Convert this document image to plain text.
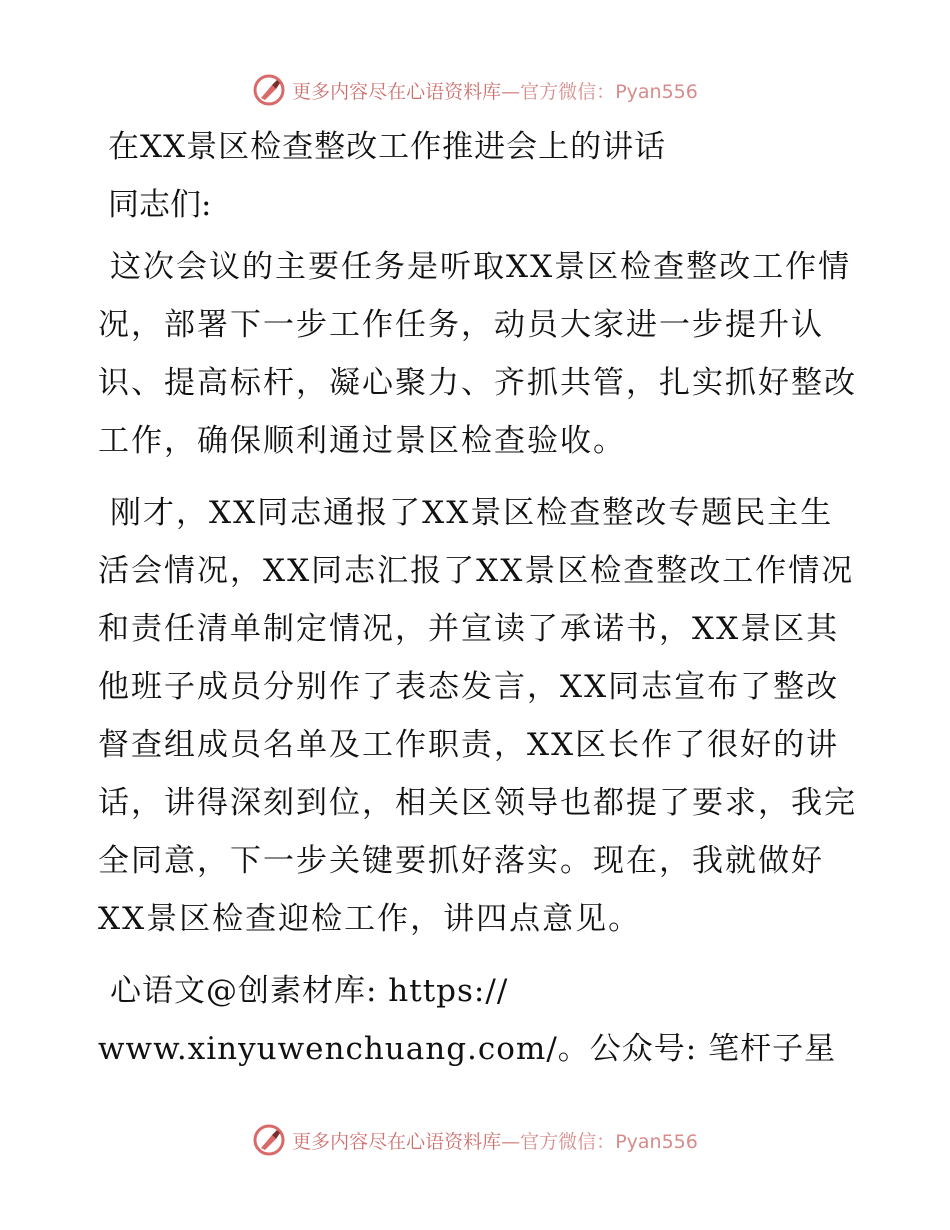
更多内容尽在心语资料库—官方微信：Pyan556
在XX景区检查整改工作推进会上的讲话
同志们:
这次会议的主要任务是听取XX景区检查整改工作情况，部署下一步工作任务，动员大家进一步提升认识、提高标杆，凝心聚力、齐抓共管，扎实抓好整改工作，确保顺利通过景区检查验收。
刚才，XX同志通报了XX景区检查整改专题民主生活会情况，XX同志汇报了XX景区检查整改工作情况和责任清单制定情况，并宣读了承诺书，XX景区其他班子成员分别作了表态发言，XX同志宣布了整改督查组成员名单及工作职责，XX区长作了很好的讲话，讲得深刻到位，相关区领导也都提了要求，我完全同意，下一步关键要抓好落实。现在，我就做好XX景区检查迎检工作，讲四点意见。
心语文@创素材库: https://
www.xinyuwenchuang.com/。公众号: 笔杆子星
更多内容尽在心语资料库—官方微信：Pyan556
